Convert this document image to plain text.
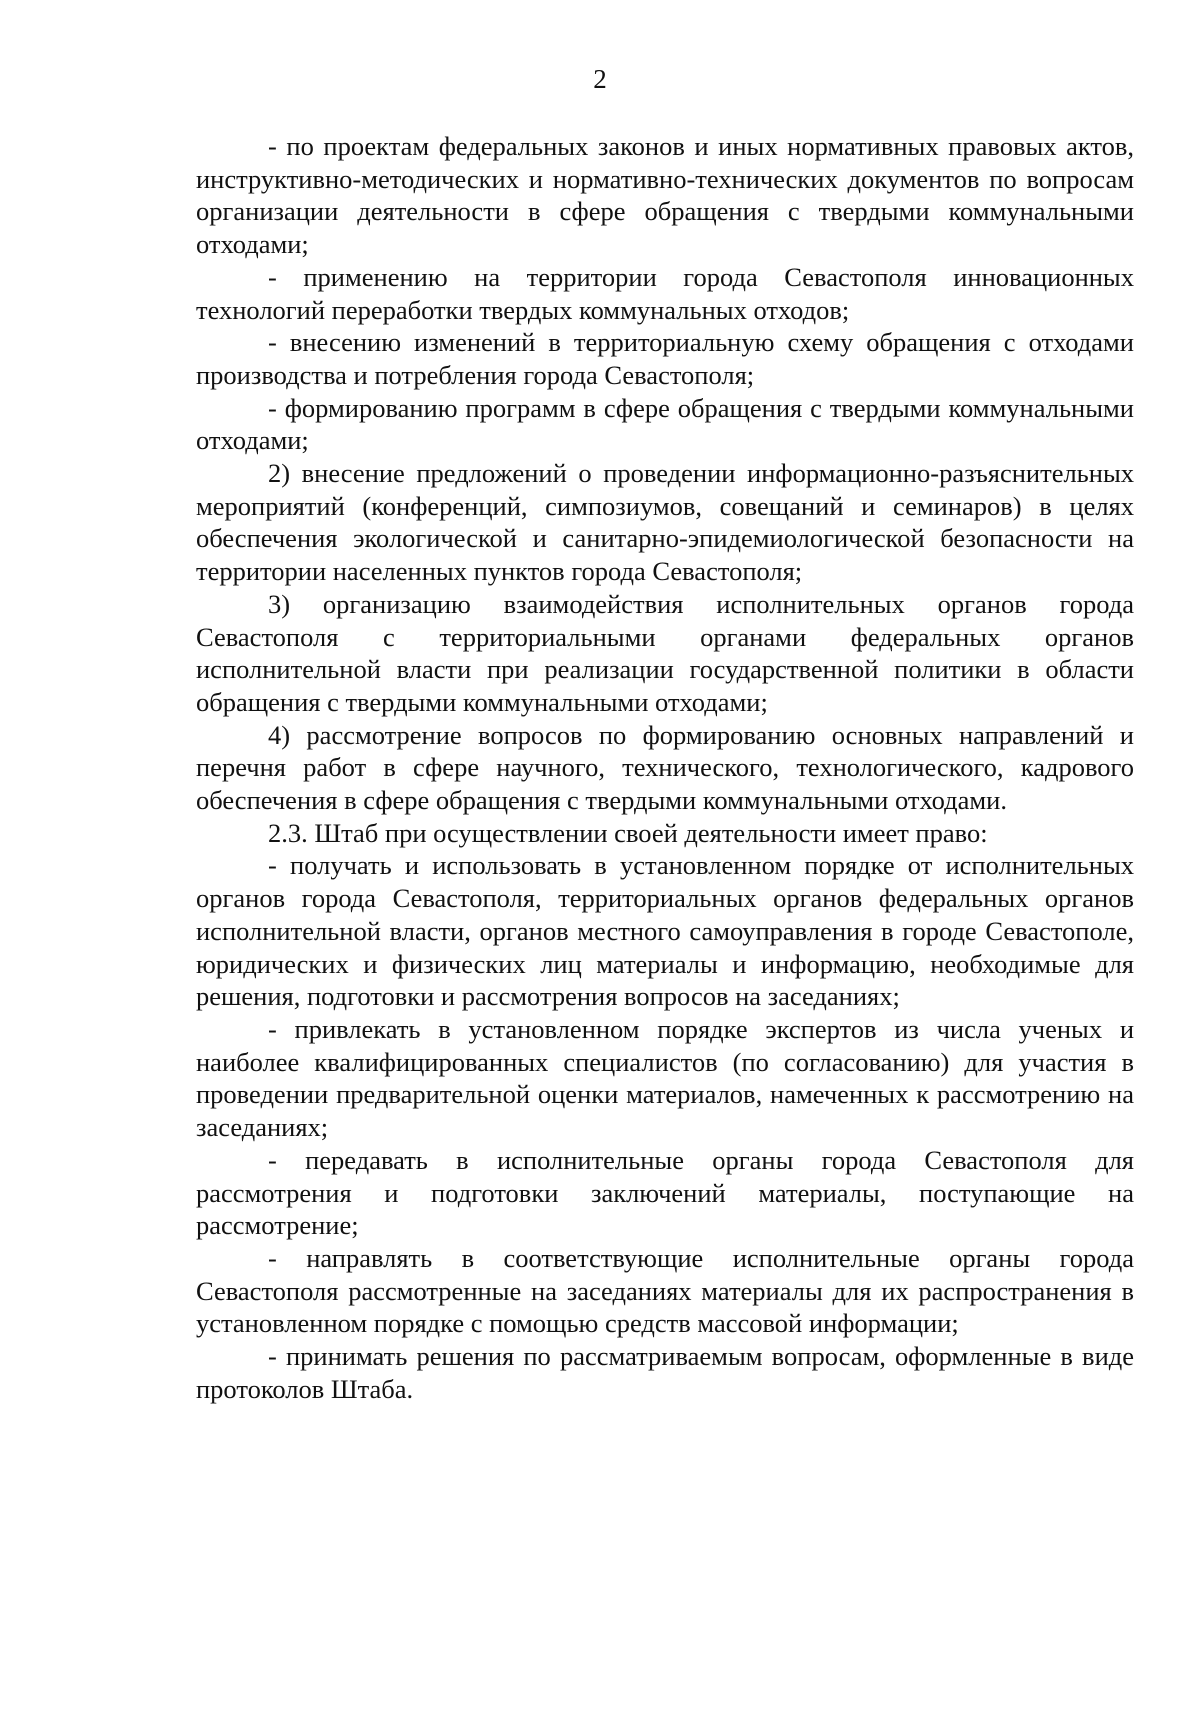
2

- по проектам федеральных законов и иных нормативных правовых актов, инструктивно-методических и нормативно-технических документов по вопросам организации деятельности в сфере обращения с твердыми коммунальными отходами;

- применению на территории города Севастополя инновационных технологий переработки твердых коммунальных отходов;

- внесению изменений в территориальную схему обращения с отходами производства и потребления города Севастополя;

- формированию программ в сфере обращения с твердыми коммунальными отходами;

2) внесение предложений о проведении информационно-разъяснительных мероприятий (конференций, симпозиумов, совещаний и семинаров) в целях обеспечения экологической и санитарно-эпидемиологической безопасности на территории населенных пунктов города Севастополя;

3) организацию взаимодействия исполнительных органов города Севастополя с территориальными органами федеральных органов исполнительной власти при реализации государственной политики в области обращения с твердыми коммунальными отходами;

4) рассмотрение вопросов по формированию основных направлений и перечня работ в сфере научного, технического, технологического, кадрового обеспечения в сфере обращения с твердыми коммунальными отходами.

2.3. Штаб при осуществлении своей деятельности имеет право:

- получать и использовать в установленном порядке от исполнительных органов города Севастополя, территориальных органов федеральных органов исполнительной власти, органов местного самоуправления в городе Севастополе, юридических и физических лиц материалы и информацию, необходимые для решения, подготовки и рассмотрения вопросов на заседаниях;

- привлекать в установленном порядке экспертов из числа ученых и наиболее квалифицированных специалистов (по согласованию) для участия в проведении предварительной оценки материалов, намеченных к рассмотрению на заседаниях;

- передавать в исполнительные органы города Севастополя для рассмотрения и подготовки заключений материалы, поступающие на рассмотрение;

- направлять в соответствующие исполнительные органы города Севастополя рассмотренные на заседаниях материалы для их распространения в установленном порядке с помощью средств массовой информации;

- принимать решения по рассматриваемым вопросам, оформленные в виде протоколов Штаба.
